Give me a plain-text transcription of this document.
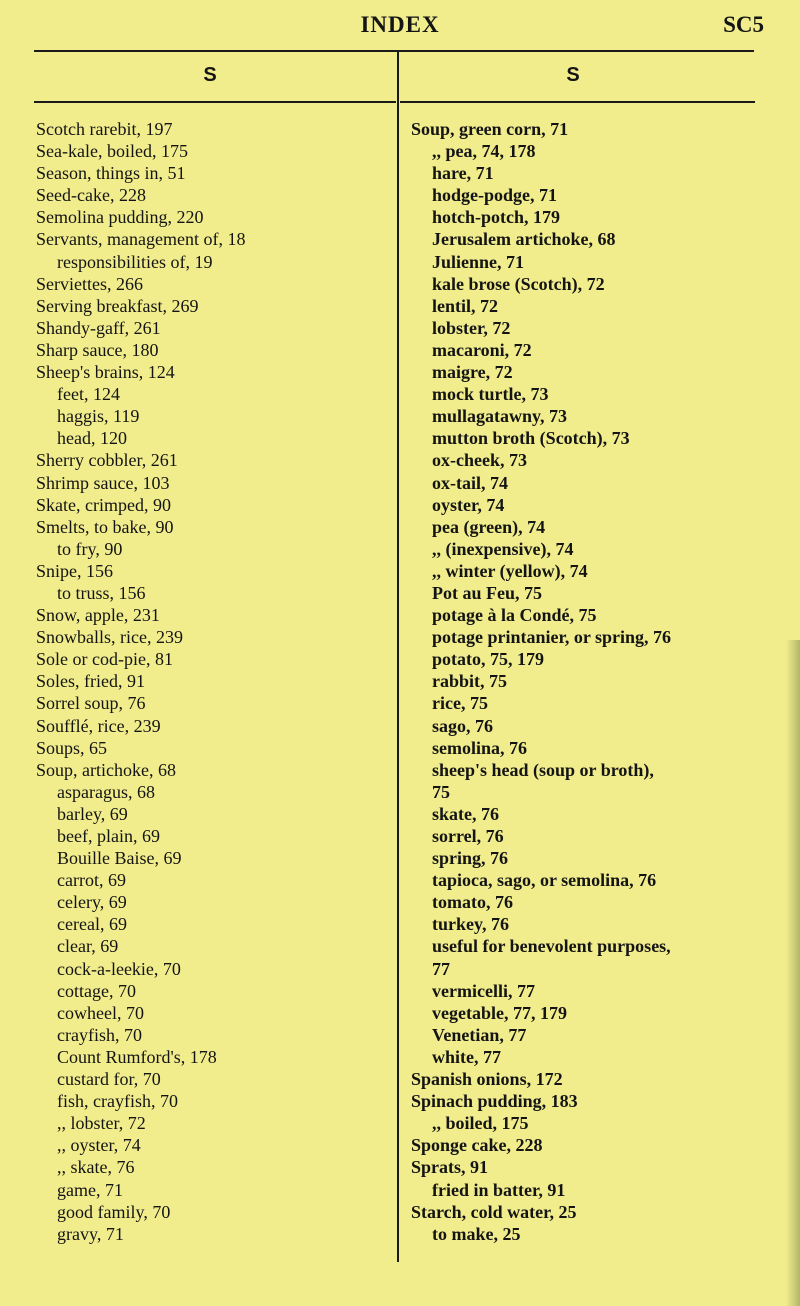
INDEX	SC5
S	S
Scotch rarebit, 197
Sea-kale, boiled, 175
Season, things in, 51
Seed-cake, 228
Semolina pudding, 220
Servants, management of, 18
responsibilities of, 19
Serviettes, 266
Serving breakfast, 269
Shandy-gaff, 261
Sharp sauce, 180
Sheep's brains, 124
feet, 124
haggis, 119
head, 120
Sherry cobbler, 261
Shrimp sauce, 103
Skate, crimped, 90
Smelts, to bake, 90
to fry, 90
Snipe, 156
to truss, 156
Snow, apple, 231
Snowballs, rice, 239
Sole or cod-pie, 81
Soles, fried, 91
Sorrel soup, 76
Soufflé, rice, 239
Soups, 65
Soup, artichoke, 68
asparagus, 68
barley, 69
beef, plain, 69
Bouille Baise, 69
carrot, 69
celery, 69
cereal, 69
clear, 69
cock-a-leekie, 70
cottage, 70
cowheel, 70
crayfish, 70
Count Rumford's, 178
custard for, 70
fish, crayfish, 70
,, lobster, 72
,, oyster, 74
,, skate, 76
game, 71
good family, 70
gravy, 71
Soup, green corn, 71
,, pea, 74, 178
hare, 71
hodge-podge, 71
hotch-potch, 179
Jerusalem artichoke, 68
Julienne, 71
kale brose (Scotch), 72
lentil, 72
lobster, 72
macaroni, 72
maigre, 72
mock turtle, 73
mullagatawny, 73
mutton broth (Scotch), 73
ox-cheek, 73
ox-tail, 74
oyster, 74
pea (green), 74
,, (inexpensive), 74
,, winter (yellow), 74
Pot au Feu, 75
potage à la Condé, 75
potage printanier, or spring, 76
potato, 75, 179
rabbit, 75
rice, 75
sago, 76
semolina, 76
sheep's head (soup or broth),
75
skate, 76
sorrel, 76
spring, 76
tapioca, sago, or semolina, 76
tomato, 76
turkey, 76
useful for benevolent purposes,
77
vermicelli, 77
vegetable, 77, 179
Venetian, 77
white, 77
Spanish onions, 172
Spinach pudding, 183
,, boiled, 175
Sponge cake, 228
Sprats, 91
fried in batter, 91
Starch, cold water, 25
to make, 25
